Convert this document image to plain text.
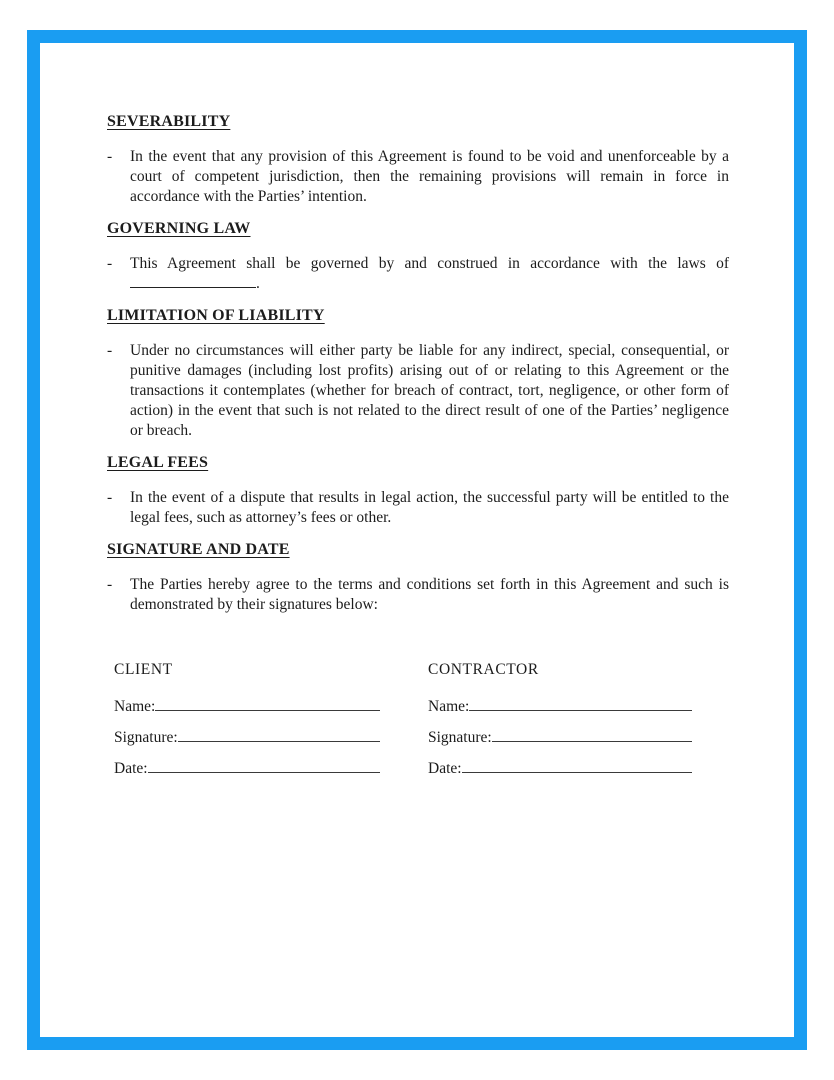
SEVERABILITY
-	In the event that any provision of this Agreement is found to be void and unenforceable by a court of competent jurisdiction, then the remaining provisions will remain in force in accordance with the Parties’ intention.

GOVERNING LAW
-	This Agreement shall be governed by and construed in accordance with the laws of .

LIMITATION OF LIABILITY
-	Under no circumstances will either party be liable for any indirect, special, consequential, or punitive damages (including lost profits) arising out of or relating to this Agreement or the transactions it contemplates (whether for breach of contract, tort, negligence, or other form of action) in the event that such is not related to the direct result of one of the Parties’ negligence or breach.

LEGAL FEES
-	In the event of a dispute that results in legal action, the successful party will be entitled to the legal fees, such as attorney’s fees or other.

SIGNATURE AND DATE
-	The Parties hereby agree to the terms and conditions set forth in this Agreement and such is demonstrated by their signatures below:

CLIENT
Name:
Signature:
Date:
CONTRACTOR
Name:
Signature:
Date:
